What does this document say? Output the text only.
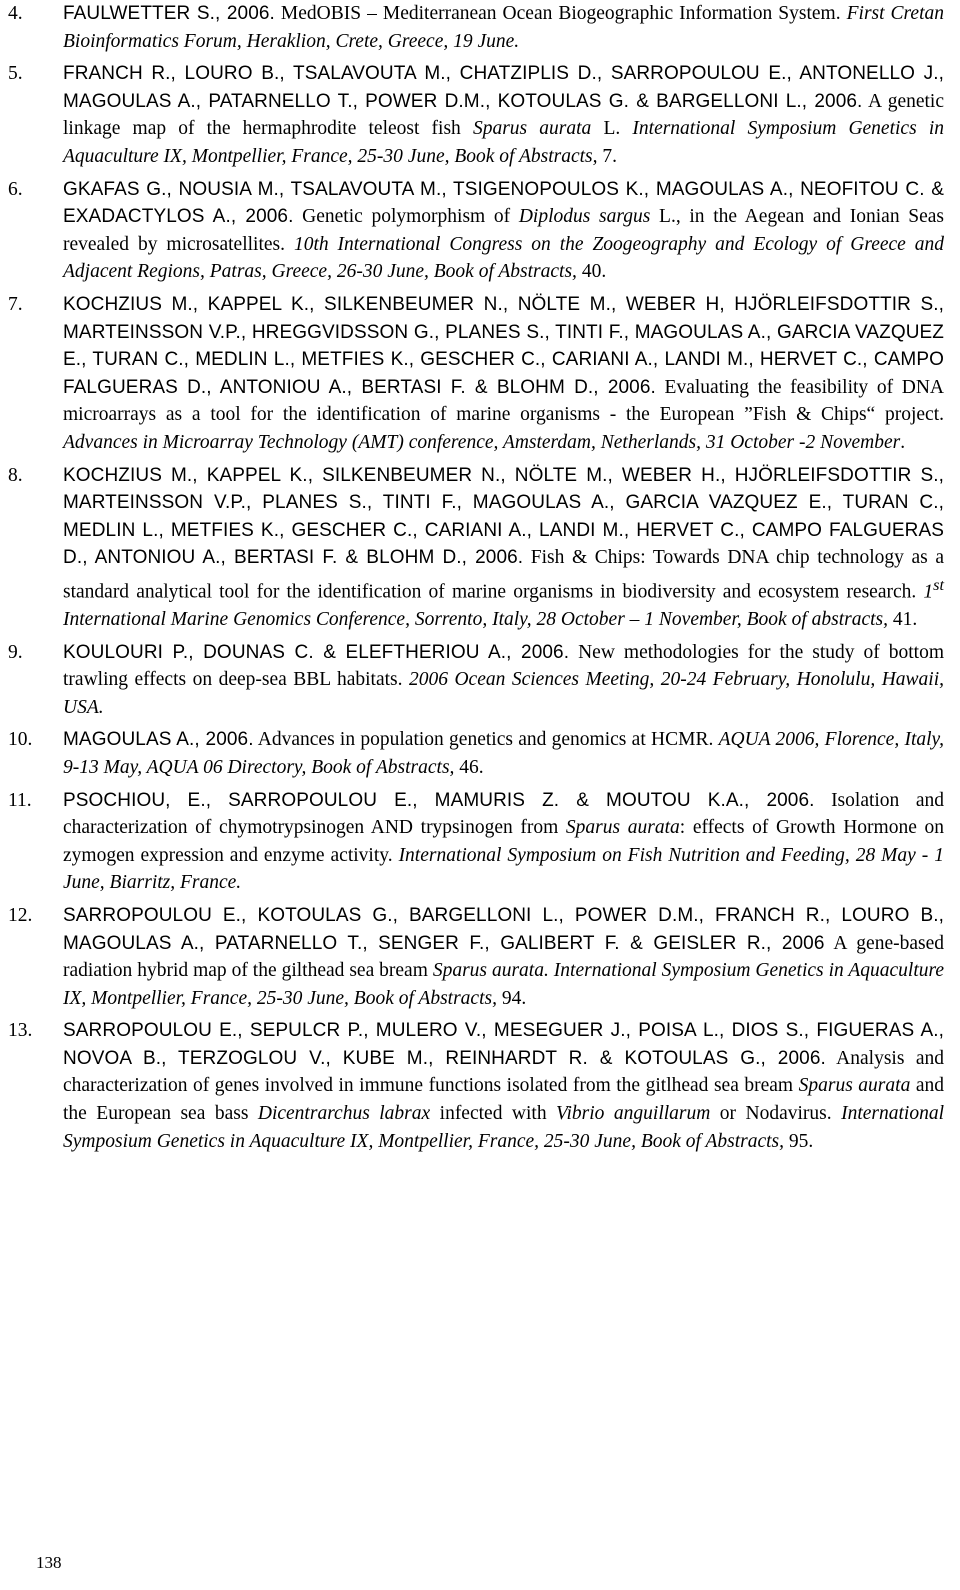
4.	FAULWETTER S., 2006. MedOBIS – Mediterranean Ocean Biogeographic Information System. First Cretan Bioinformatics Forum, Heraklion, Crete, Greece, 19 June.
5.	FRANCH R., LOURO B., TSALAVOUTA M., CHATZIPLIS D., SARROPOULOU E., ANTONELLO J., MAGOULAS A., PATARNELLO T., POWER D.M., KOTOULAS G. & BARGELLONI L., 2006. A genetic linkage map of the hermaphrodite teleost fish Sparus aurata L. International Symposium Genetics in Aquaculture IX, Montpellier, France, 25-30 June, Book of Abstracts, 7.
6.	GKAFAS G., NOUSIA M., TSALAVOUTA M., TSIGENOPOULOS K., MAGOULAS A., NEOFITOU C. & EXADACTYLOS A., 2006. Genetic polymorphism of Diplodus sargus L., in the Aegean and Ionian Seas revealed by microsatellites. 10th International Congress on the Zoogeography and Ecology of Greece and Adjacent Regions, Patras, Greece, 26-30 June, Book of Abstracts, 40.
7.	KOCHZIUS M., KAPPEL K., SILKENBEUMER N., NÖLTE M., WEBER H, HJÖRLEIFSDOTTIR S., MARTEINSSON V.P., HREGGVIDSSON G., PLANES S., TINTI F., MAGOULAS A., GARCIA VAZQUEZ E., TURAN C., MEDLIN L., METFIES K., GESCHER C., CARIANI A., LANDI M., HERVET C., CAMPO FALGUERAS D., ANTONIOU A., BERTASI F. & BLOHM D., 2006. Evaluating the feasibility of DNA microarrays as a tool for the identification of marine organisms - the European ”Fish & Chips“ project. Advances in Microarray Technology (AMT) conference, Amsterdam, Netherlands, 31 October -2 November.
8.	KOCHZIUS M., KAPPEL K., SILKENBEUMER N., NÖLTE M., WEBER H., HJÖRLEIFSDOTTIR S., MARTEINSSON V.P., PLANES S., TINTI F., MAGOULAS A., GARCIA VAZQUEZ E., TURAN C., MEDLIN L., METFIES K., GESCHER C., CARIANI A., LANDI M., HERVET C., CAMPO FALGUERAS D., ANTONIOU A., BERTASI F. & BLOHM D., 2006. Fish & Chips: Towards DNA chip technology as a standard analytical tool for the identification of marine organisms in biodiversity and ecosystem research. 1st International Marine Genomics Conference, Sorrento, Italy, 28 October – 1 November, Book of abstracts, 41.
9.	KOULOURI P., DOUNAS C. & ELEFTHERIOU A., 2006. New methodologies for the study of bottom trawling effects on deep-sea BBL habitats. 2006 Ocean Sciences Meeting, 20-24 February, Honolulu, Hawaii, USA.
10.	MAGOULAS A., 2006. Advances in population genetics and genomics at HCMR. AQUA 2006, Florence, Italy, 9-13 May, AQUA 06 Directory, Book of Abstracts, 46.
11.	PSOCHIOU, E., SARROPOULOU E., MAMURIS Z. & MOUTOU K.A., 2006. Isolation and characterization of chymotrypsinogen AND trypsinogen from Sparus aurata: effects of Growth Hormone on zymogen expression and enzyme activity. International Symposium on Fish Nutrition and Feeding, 28 May - 1 June, Biarritz, France.
12.	SARROPOULOU E., KOTOULAS G., BARGELLONI L., POWER D.M., FRANCH R., LOURO B., MAGOULAS A., PATARNELLO T., SENGER F., GALIBERT F. & GEISLER R., 2006 A gene-based radiation hybrid map of the gilthead sea bream Sparus aurata. International Symposium Genetics in Aquaculture IX, Montpellier, France, 25-30 June, Book of Abstracts, 94.
13.	SARROPOULOU E., SEPULCR P., MULERO V., MESEGUER J., POISA L., DIOS S., FIGUERAS A., NOVOA B., TERZOGLOU V., KUBE M., REINHARDT R. & KOTOULAS G., 2006. Analysis and characterization of genes involved in immune functions isolated from the gitlhead sea bream Sparus aurata and the European sea bass Dicentrarchus labrax infected with Vibrio anguillarum or Nodavirus. International Symposium Genetics in Aquaculture IX, Montpellier, France, 25-30 June, Book of Abstracts, 95.
138
